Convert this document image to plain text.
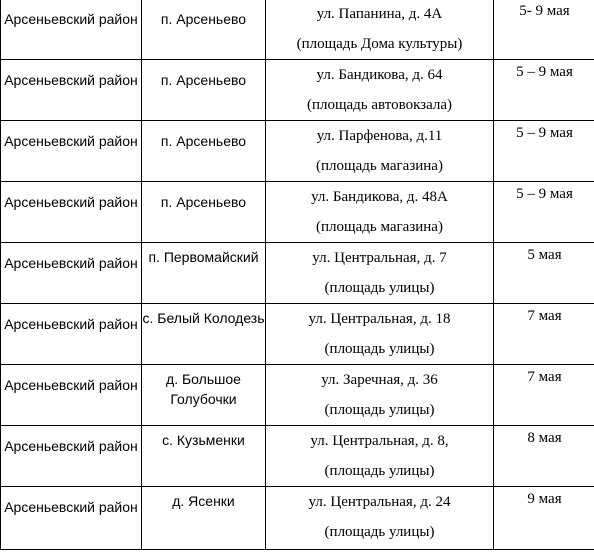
Арсеньевский район	п. Арсеньево	ул. Папанина, д. 4А
(площадь Дома культуры)	5- 9 мая

Арсеньевский район	п. Арсеньево	ул. Бандикова, д. 64
(площадь автовокзала)	5 – 9 мая

Арсеньевский район	п. Арсеньево	ул. Парфенова, д.11
(площадь магазина)	5 – 9 мая

Арсеньевский район	п. Арсеньево	ул. Бандикова, д. 48А
(площадь магазина)	5 – 9 мая

Арсеньевский район	п. Первомайский	ул. Центральная, д. 7
(площадь улицы)	5 мая

Арсеньевский район	с. Белый Колодезь	ул. Центральная, д. 18
(площадь улицы)	7 мая

Арсеньевский район	д. Большое Голубочки	ул. Заречная, д. 36
(площадь улицы)	7 мая

Арсеньевский район	с. Кузьменки	ул. Центральная, д. 8,
(площадь улицы)	8 мая

Арсеньевский район	д. Ясенки	ул. Центральная, д. 24
(площадь улицы)	9 мая
